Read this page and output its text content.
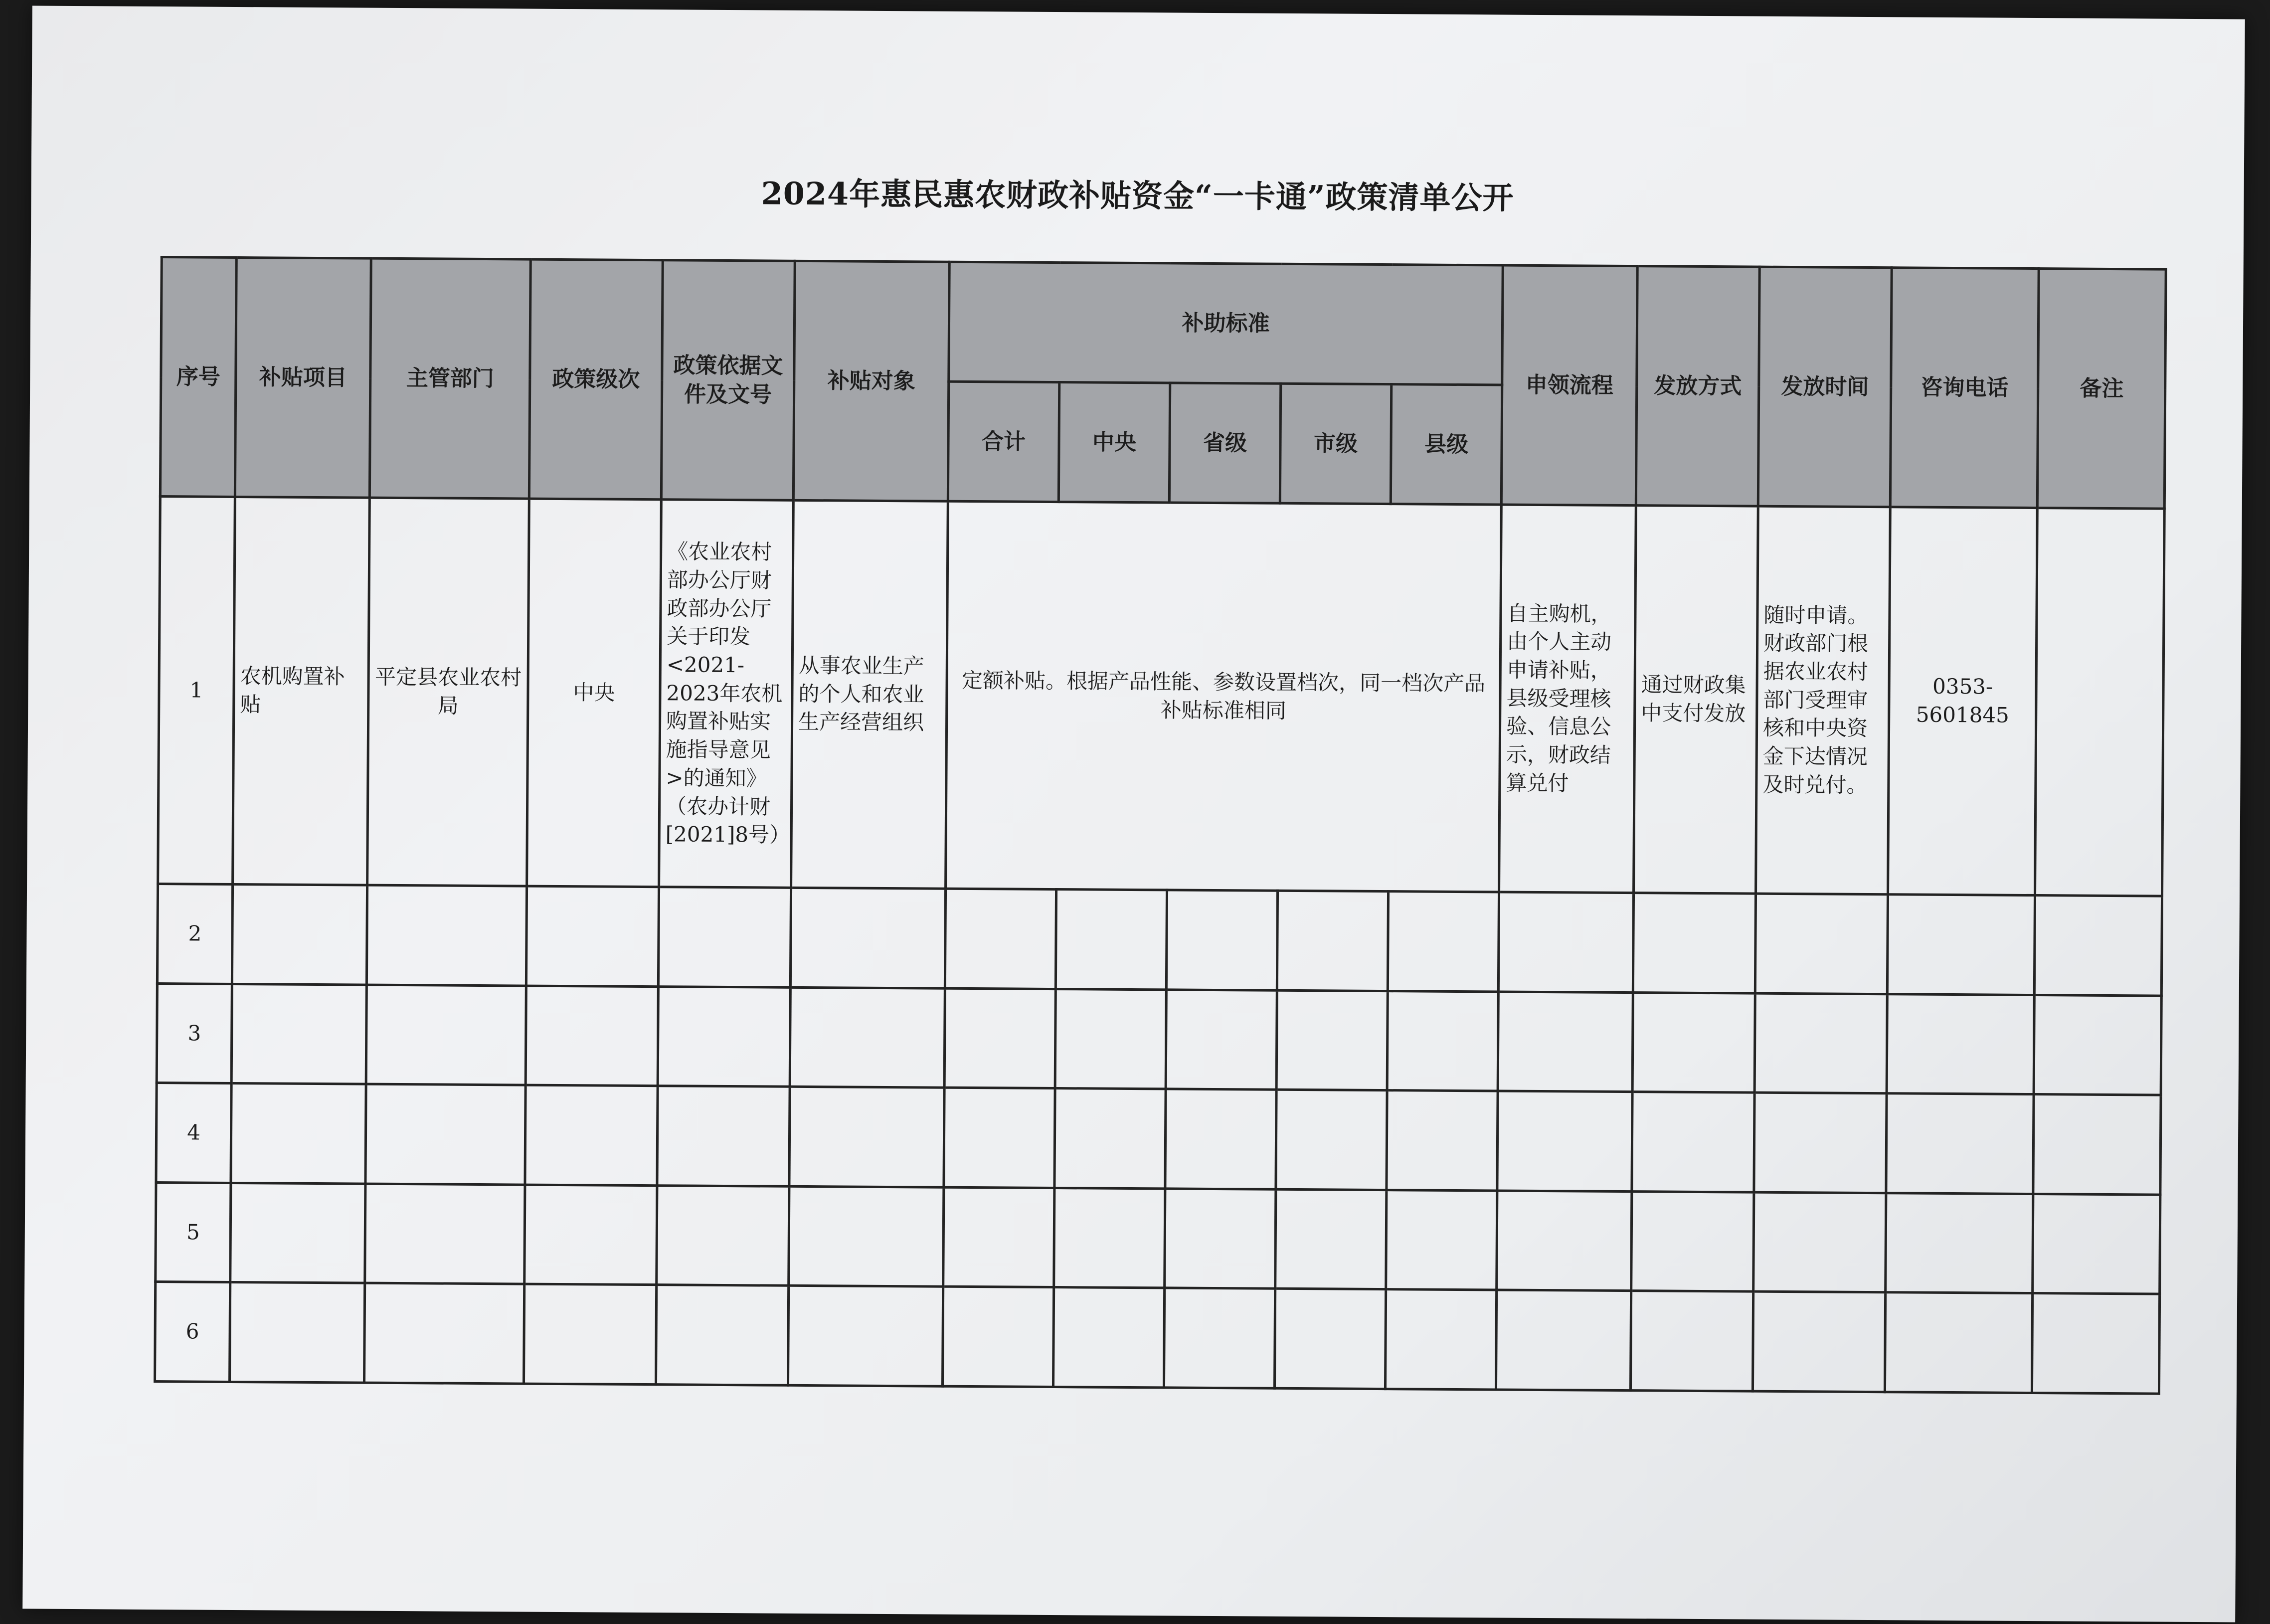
2024年惠民惠农财政补贴资金“一卡通”政策清单公开
序号	补贴项目	主管部门	政策级次	政策依据文件及文号	补贴对象	补助标准					申领流程	发放方式	发放时间	咨询电话	备注
						合计	中央	省级	市级	县级					
1	农机购置补贴	平定县农业农村局	中央	《农业农村部办公厅财政部办公厅关于印发<2021-2023年农机购置补贴实施指导意见>的通知》（农办计财[2021]8号）	从事农业生产的个人和农业生产经营组织	定额补贴。根据产品性能、参数设置档次，同一档次产品补贴标准相同					自主购机，由个人主动申请补贴，县级受理核验、信息公示，财政结算兑付	通过财政集中支付发放	随时申请。财政部门根据农业农村部门受理审核和中央资金下达情况及时兑付。	0353-5601845	
2															
3															
4															
5															
6															
